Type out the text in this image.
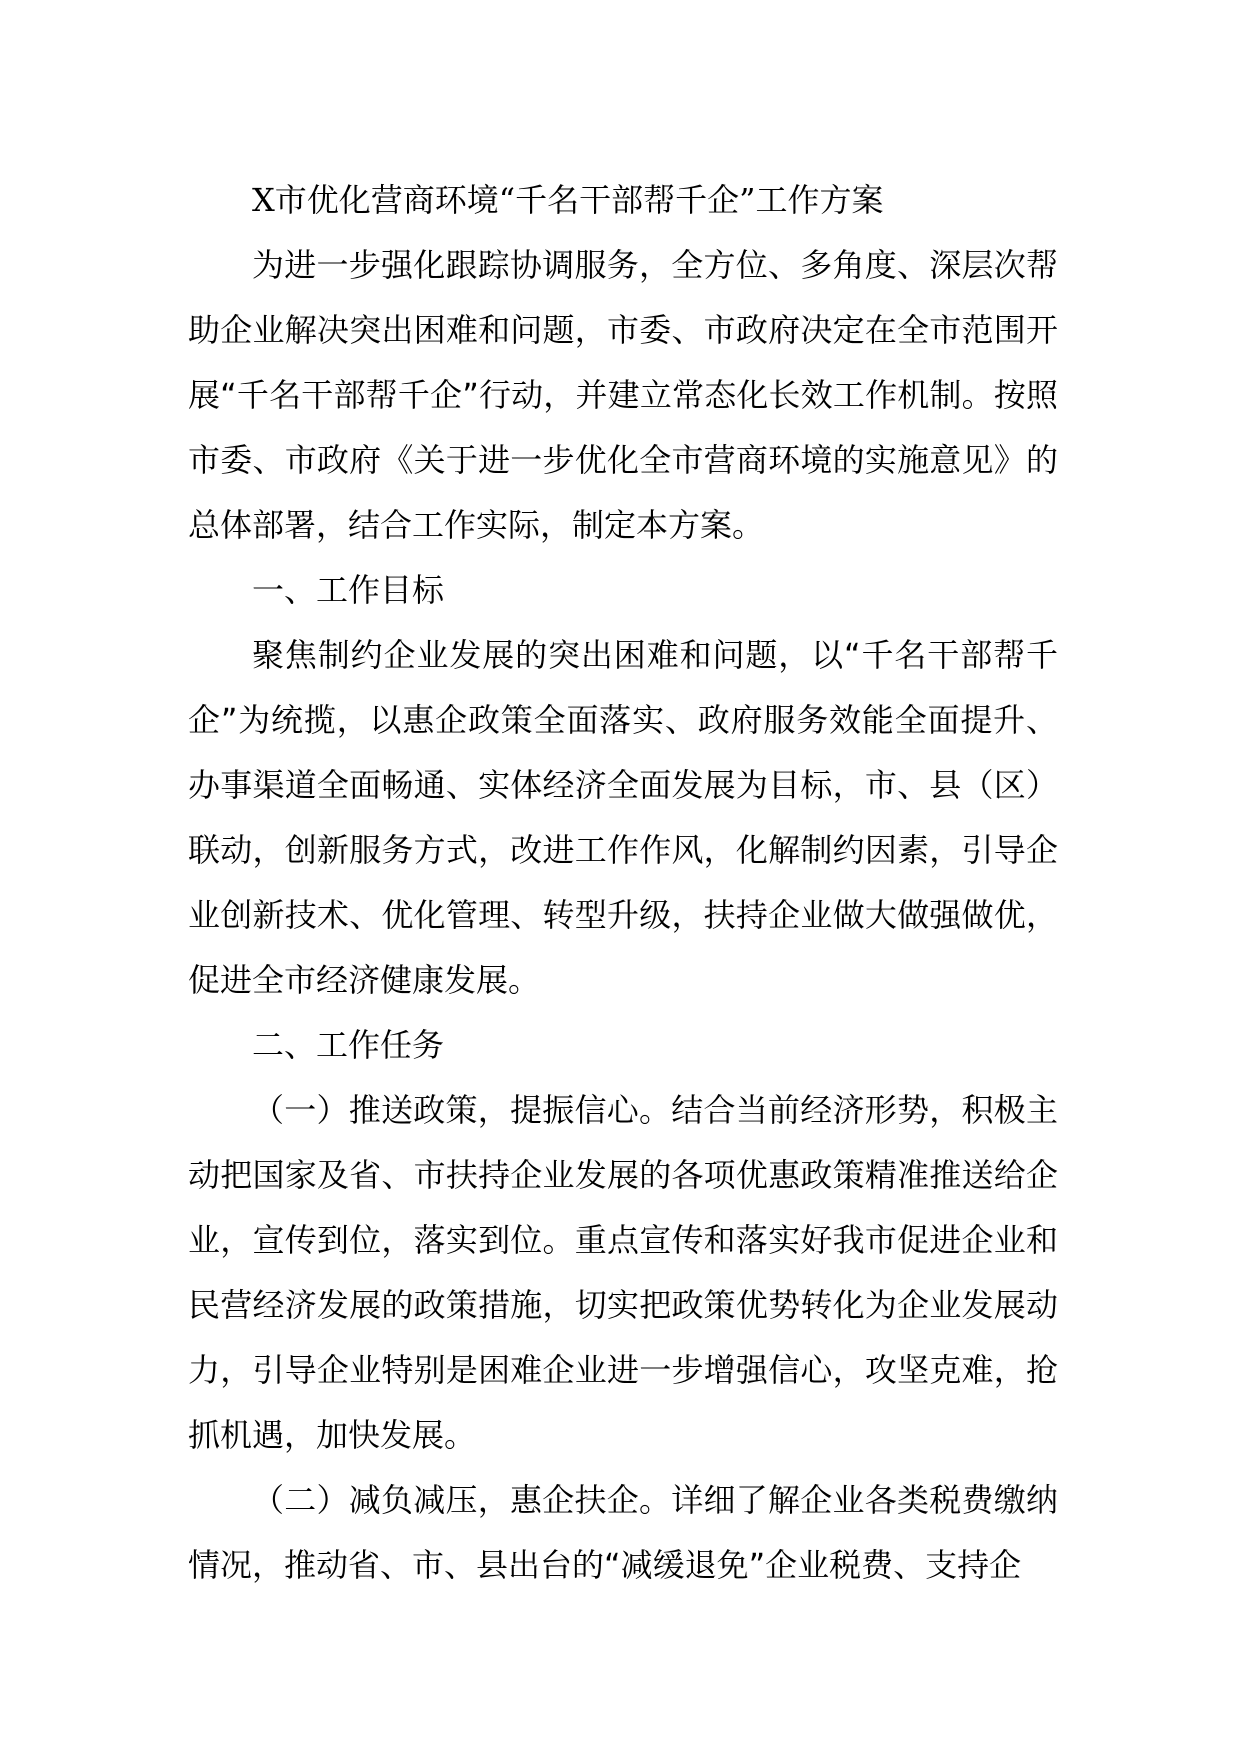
X市优化营商环境“千名干部帮千企”工作方案

为进一步强化跟踪协调服务，全方位、多角度、深层次帮助企业解决突出困难和问题，市委、市政府决定在全市范围开展“千名干部帮千企”行动，并建立常态化长效工作机制。按照市委、市政府《关于进一步优化全市营商环境的实施意见》的总体部署，结合工作实际，制定本方案。

一、工作目标

聚焦制约企业发展的突出困难和问题，以“千名干部帮千企”为统揽，以惠企政策全面落实、政府服务效能全面提升、办事渠道全面畅通、实体经济全面发展为目标，市、县（区）联动，创新服务方式，改进工作作风，化解制约因素，引导企业创新技术、优化管理、转型升级，扶持企业做大做强做优，促进全市经济健康发展。

二、工作任务

（一）推送政策，提振信心。结合当前经济形势，积极主动把国家及省、市扶持企业发展的各项优惠政策精准推送给企业，宣传到位，落实到位。重点宣传和落实好我市促进企业和民营经济发展的政策措施，切实把政策优势转化为企业发展动力，引导企业特别是困难企业进一步增强信心，攻坚克难，抢抓机遇，加快发展。

（二）减负减压，惠企扶企。详细了解企业各类税费缴纳情况，推动省、市、县出台的“减缓退免”企业税费、支持企
